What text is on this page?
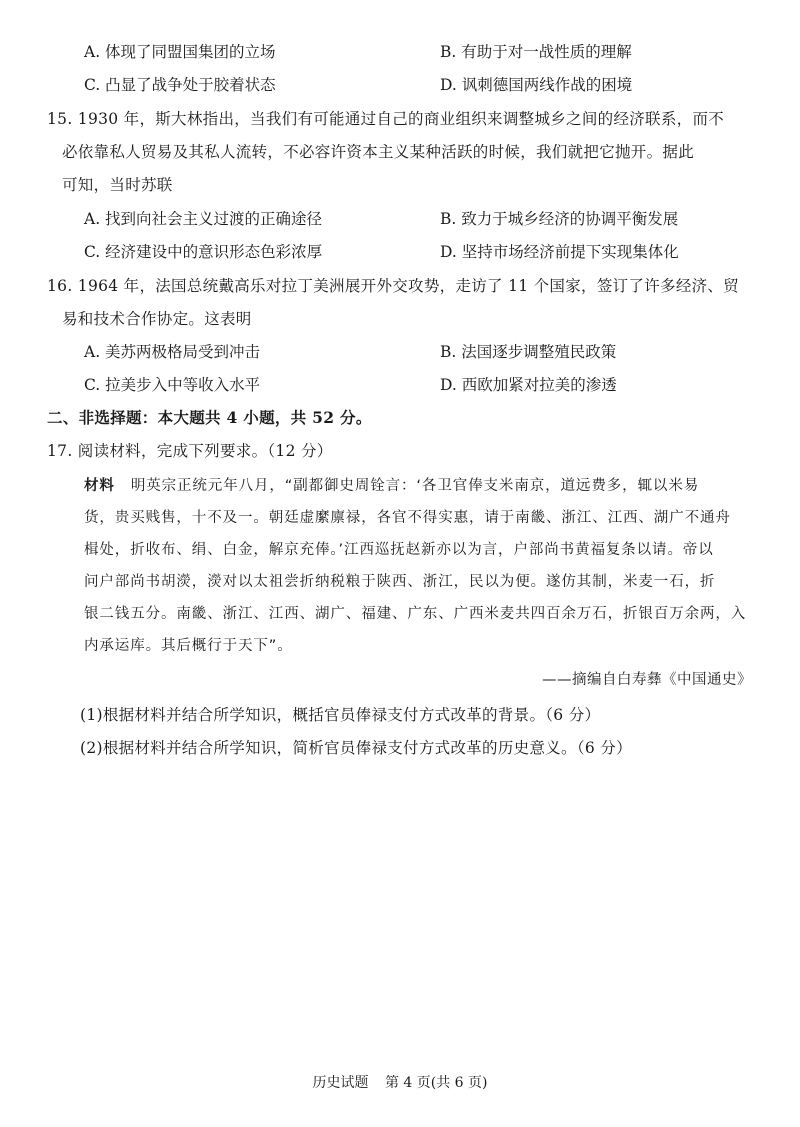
A. 体现了同盟国集团的立场	B. 有助于对一战性质的理解
C. 凸显了战争处于胶着状态	D. 讽刺德国两线作战的困境
15. 1930 年，斯大林指出，当我们有可能通过自己的商业组织来调整城乡之间的经济联系，而不
必依靠私人贸易及其私人流转，不必容许资本主义某种活跃的时候，我们就把它抛开。据此
可知，当时苏联
A. 找到向社会主义过渡的正确途径	B. 致力于城乡经济的协调平衡发展
C. 经济建设中的意识形态色彩浓厚	D. 坚持市场经济前提下实现集体化
16. 1964 年，法国总统戴高乐对拉丁美洲展开外交攻势，走访了 11 个国家，签订了许多经济、贸
易和技术合作协定。这表明
A. 美苏两极格局受到冲击	B. 法国逐步调整殖民政策
C. 拉美步入中等收入水平	D. 西欧加紧对拉美的渗透
二、非选择题：本大题共 4 小题，共 52 分。
17. 阅读材料，完成下列要求。（12 分）
材料 明英宗正统元年八月，“副都御史周铨言：‘各卫官俸支米南京，道远费多，辄以米易
货，贵买贱售，十不及一。朝廷虚縻廪禄，各官不得实惠，请于南畿、浙江、江西、湖广不通舟
楫处，折收布、绢、白金，解京充俸。’江西巡抚赵新亦以为言，户部尚书黄福复条以请。帝以
问户部尚书胡濙，濙对以太祖尝折纳税粮于陕西、浙江，民以为便。遂仿其制，米麦一石，折
银二钱五分。南畿、浙江、江西、湖广、福建、广东、广西米麦共四百余万石，折银百万余两，入
内承运库。其后概行于天下”。
——摘编自白寿彝《中国通史》
(1)根据材料并结合所学知识，概括官员俸禄支付方式改革的背景。（6 分）
(2)根据材料并结合所学知识，简析官员俸禄支付方式改革的历史意义。（6 分）
历史试题 第 4 页(共 6 页)
